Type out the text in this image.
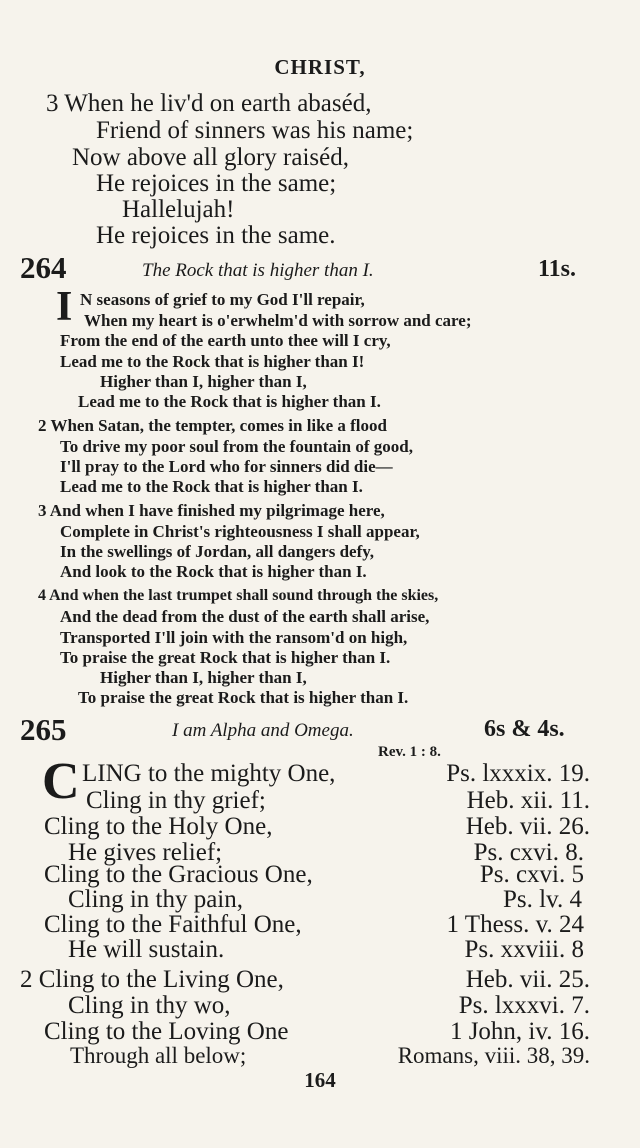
CHRIST,
3 When he liv'd on earth abaséd,
Friend of sinners was his name;
Now above all glory raiséd,
He rejoices in the same;
Hallelujah!
He rejoices in the same.
264	The Rock that is higher than I.	11s.
I N seasons of grief to my God I'll repair,
When my heart is o'erwhelm'd with sorrow and care;
From the end of the earth unto thee will I cry,
Lead me to the Rock that is higher than I!
Higher than I, higher than I,
Lead me to the Rock that is higher than I.
2 When Satan, the tempter, comes in like a flood
To drive my poor soul from the fountain of good,
I'll pray to the Lord who for sinners did die—
Lead me to the Rock that is higher than I.
3 And when I have finished my pilgrimage here,
Complete in Christ's righteousness I shall appear,
In the swellings of Jordan, all dangers defy,
And look to the Rock that is higher than I.
4 And when the last trumpet shall sound through the skies,
And the dead from the dust of the earth shall arise,
Transported I'll join with the ransom'd on high,
To praise the great Rock that is higher than I.
Higher than I, higher than I,
To praise the great Rock that is higher than I.
265	I am Alpha and Omega.	6s & 4s.
Rev. 1 : 8.
C LING to the mighty One,	Ps. lxxxix. 19.
Cling in thy grief;	Heb. xii. 11.
Cling to the Holy One,	Heb. vii. 26.
He gives relief;	Ps. cxvi. 8.
Cling to the Gracious One,	Ps. cxvi. 5
Cling in thy pain,	Ps. lv. 4
Cling to the Faithful One,	1 Thess. v. 24
He will sustain.	Ps. xxviii. 8
2 Cling to the Living One,	Heb. vii. 25.
Cling in thy wo,	Ps. lxxxvi. 7.
Cling to the Loving One	1 John, iv. 16.
Through all below;	Romans, viii. 38, 39.
164
